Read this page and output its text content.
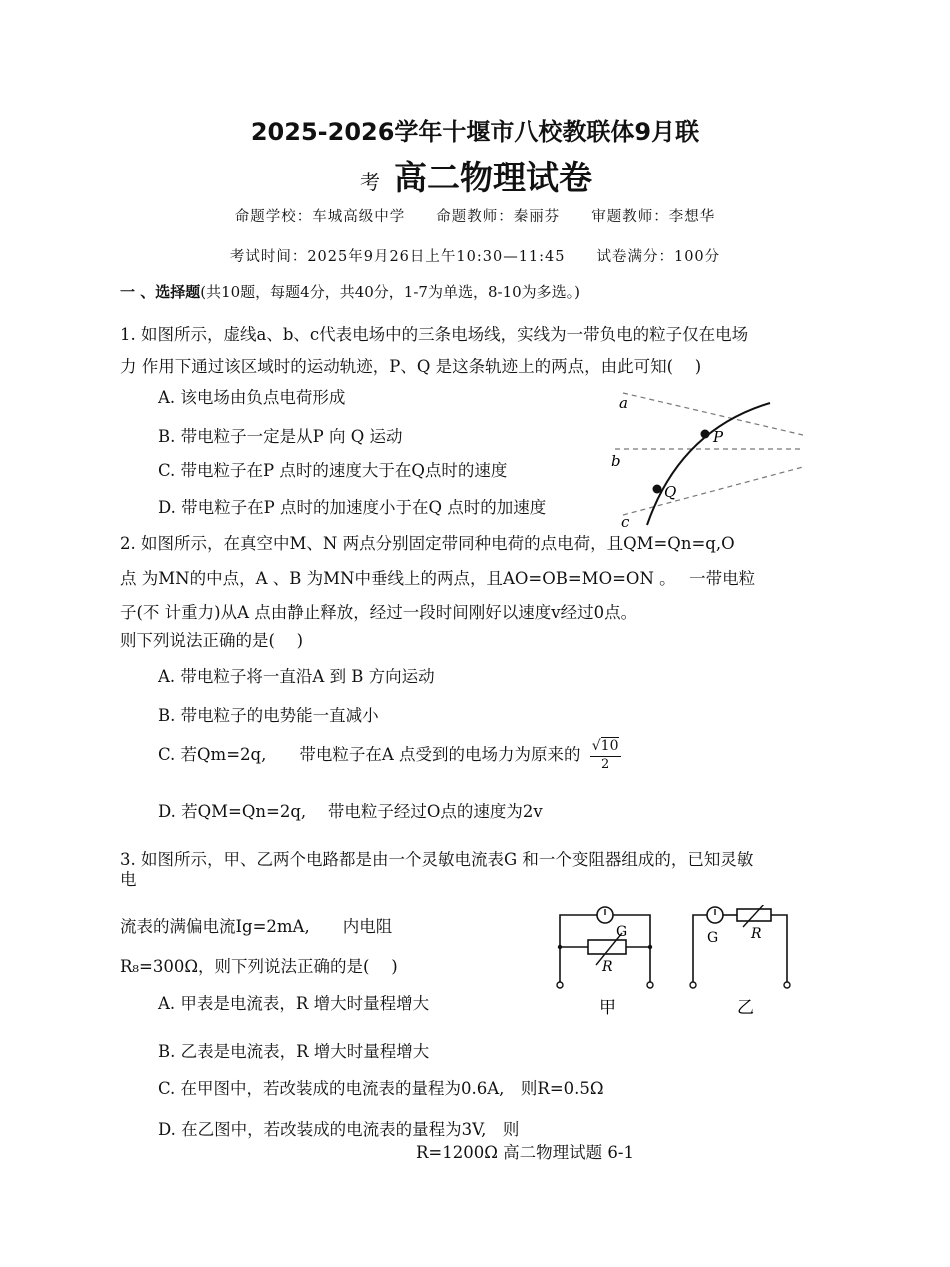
2025-2026学年十堰市八校教联体9月联
考 高二物理试卷
命题学校：车城高级中学　　命题教师：秦丽芬　　审题教师：李想华
考试时间：2025年9月26日上午10:30—11:45　　试卷满分：100分
一 、选择题(共10题，每题4分，共40分，1-7为单选，8-10为多选。)
1. 如图所示，虚线a、b、c代表电场中的三条电场线，实线为一带负电的粒子仅在电场
力 作用下通过该区域时的运动轨迹，P、Q 是这条轨迹上的两点，由此可知(　 )
A. 该电场由负点电荷形成
B. 带电粒子一定是从P 向 Q 运动
C. 带电粒子在P 点时的速度大于在Q点时的速度
D. 带电粒子在P 点时的加速度小于在Q 点时的加速度
a
b
c
P
Q
2. 如图所示，在真空中M、N 两点分别固定带同种电荷的点电荷，且QM=Qn=q,O
点 为MN的中点，A 、B 为MN中垂线上的两点，且AO=OB=MO=ON 。　 一带电粒
子(不 计重力)从A 点由静止释放，经过一段时间刚好以速度v经过0点。
则下列说法正确的是(　 )
A. 带电粒子将一直沿A 到 B 方向运动
B. 带电粒子的电势能一直减小
C. 若Qm=2q,　　带电粒子在A 点受到的电场力为原来的 $\frac{√10}{2}$
D. 若QM=Qn=2q,　 带电粒子经过O点的速度为2v
3. 如图所示，甲、乙两个电路都是由一个灵敏电流表G 和一个变阻器组成的，已知灵敏
电
流表的满偏电流Ig=2mA,　　内电阻
R₈=300Ω，则下列说法正确的是(　 )
A. 甲表是电流表，R 增大时量程增大
B. 乙表是电流表，R 增大时量程增大
C. 在甲图中，若改装成的电流表的量程为0.6A,　则R=0.5Ω
D. 在乙图中，若改装成的电流表的量程为3V,　则
R=1200Ω 高二物理试题 6-1
G
R
甲
G R
乙
